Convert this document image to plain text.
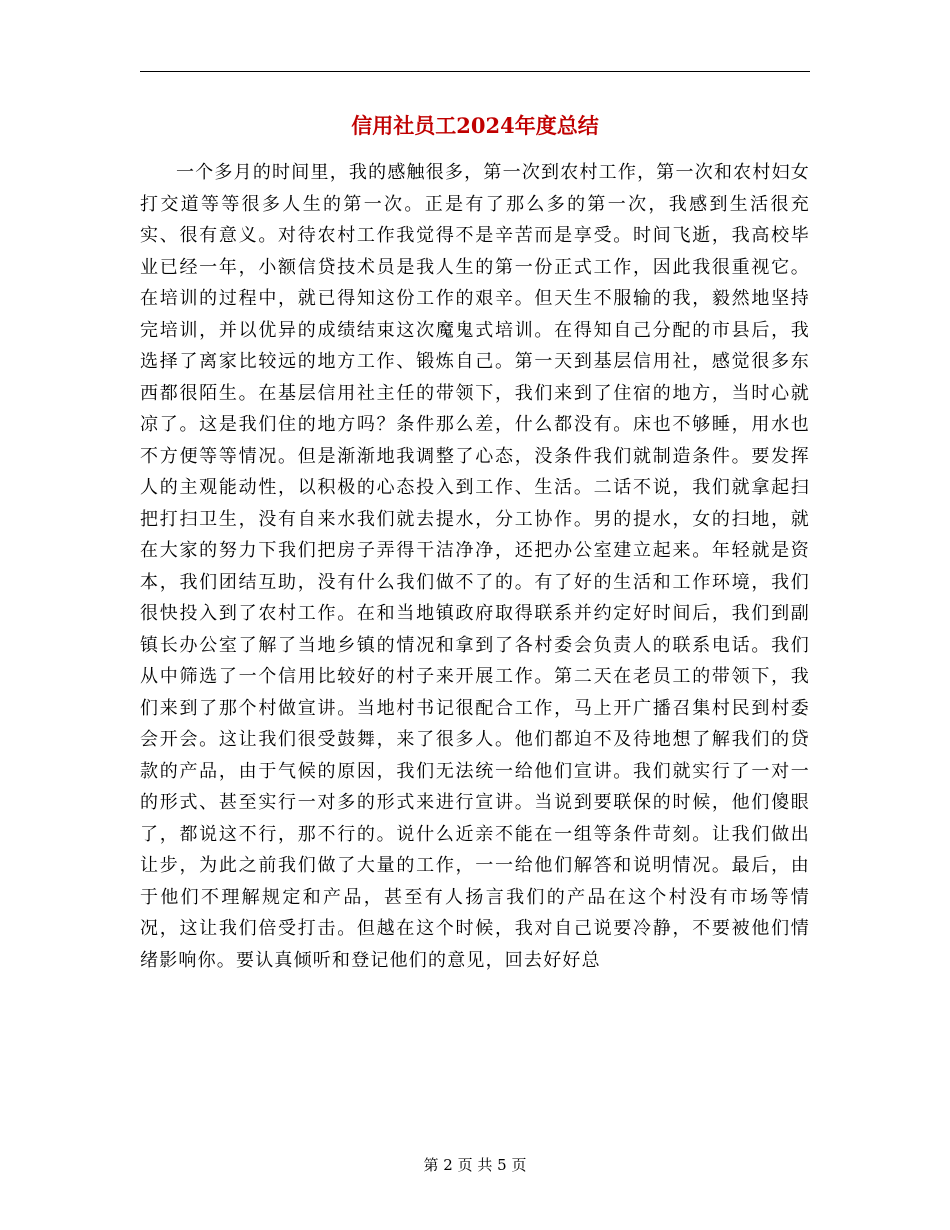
信用社员工2024年度总结

一个多月的时间里，我的感触很多，第一次到农村工作，第一次和农村妇女打交道等等很多人生的第一次。正是有了那么多的第一次，我感到生活很充实、很有意义。对待农村工作我觉得不是辛苦而是享受。时间飞逝，我高校毕业已经一年，小额信贷技术员是我人生的第一份正式工作，因此我很重视它。在培训的过程中，就已得知这份工作的艰辛。但天生不服输的我，毅然地坚持完培训，并以优异的成绩结束这次魔鬼式培训。在得知自己分配的市县后，我选择了离家比较远的地方工作、锻炼自己。第一天到基层信用社，感觉很多东西都很陌生。在基层信用社主任的带领下，我们来到了住宿的地方，当时心就凉了。这是我们住的地方吗？条件那么差，什么都没有。床也不够睡，用水也不方便等等情况。但是渐渐地我调整了心态，没条件我们就制造条件。要发挥人的主观能动性，以积极的心态投入到工作、生活。二话不说，我们就拿起扫把打扫卫生，没有自来水我们就去提水，分工协作。男的提水，女的扫地，就在大家的努力下我们把房子弄得干洁净净，还把办公室建立起来。年轻就是资本，我们团结互助，没有什么我们做不了的。有了好的生活和工作环境，我们很快投入到了农村工作。在和当地镇政府取得联系并约定好时间后，我们到副镇长办公室了解了当地乡镇的情况和拿到了各村委会负责人的联系电话。我们从中筛选了一个信用比较好的村子来开展工作。第二天在老员工的带领下，我们来到了那个村做宣讲。当地村书记很配合工作，马上开广播召集村民到村委会开会。这让我们很受鼓舞，来了很多人。他们都迫不及待地想了解我们的贷款的产品，由于气候的原因，我们无法统一给他们宣讲。我们就实行了一对一的形式、甚至实行一对多的形式来进行宣讲。当说到要联保的时候，他们傻眼了，都说这不行，那不行的。说什么近亲不能在一组等条件苛刻。让我们做出让步，为此之前我们做了大量的工作，一一给他们解答和说明情况。最后，由于他们不理解规定和产品，甚至有人扬言我们的产品在这个村没有市场等情况，这让我们倍受打击。但越在这个时候，我对自己说要冷静，不要被他们情绪影响你。要认真倾听和登记他们的意见，回去好好总

第 2 页 共 5 页
